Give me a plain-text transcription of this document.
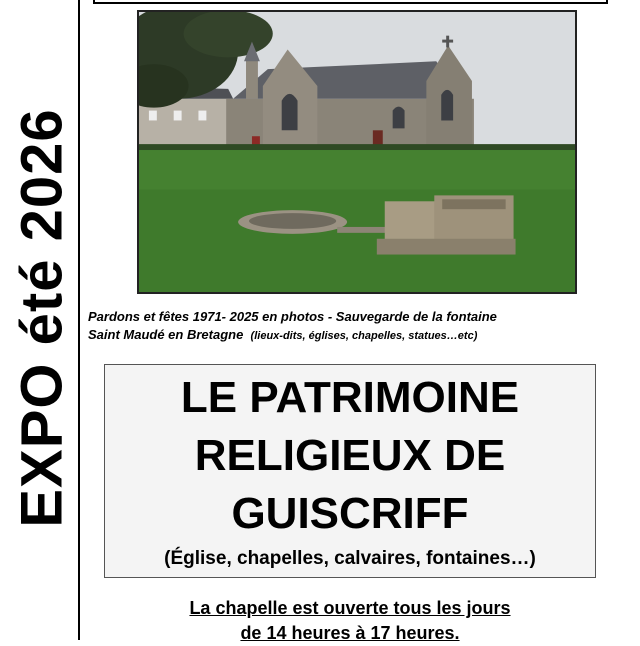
EXPO été 2026 Pardons et fêtes 1971- 2025 en photos - Sauvegarde de la fontaine
Saint Maudé en Bretagne (lieux-dits, églises, chapelles, statues…etc)
LE PATRIMOINE
RELIGIEUX DE
GUISCRIFF
(Église, chapelles, calvaires, fontaines…)
La chapelle est ouverte tous les jours
de 14 heures à 17 heures.
